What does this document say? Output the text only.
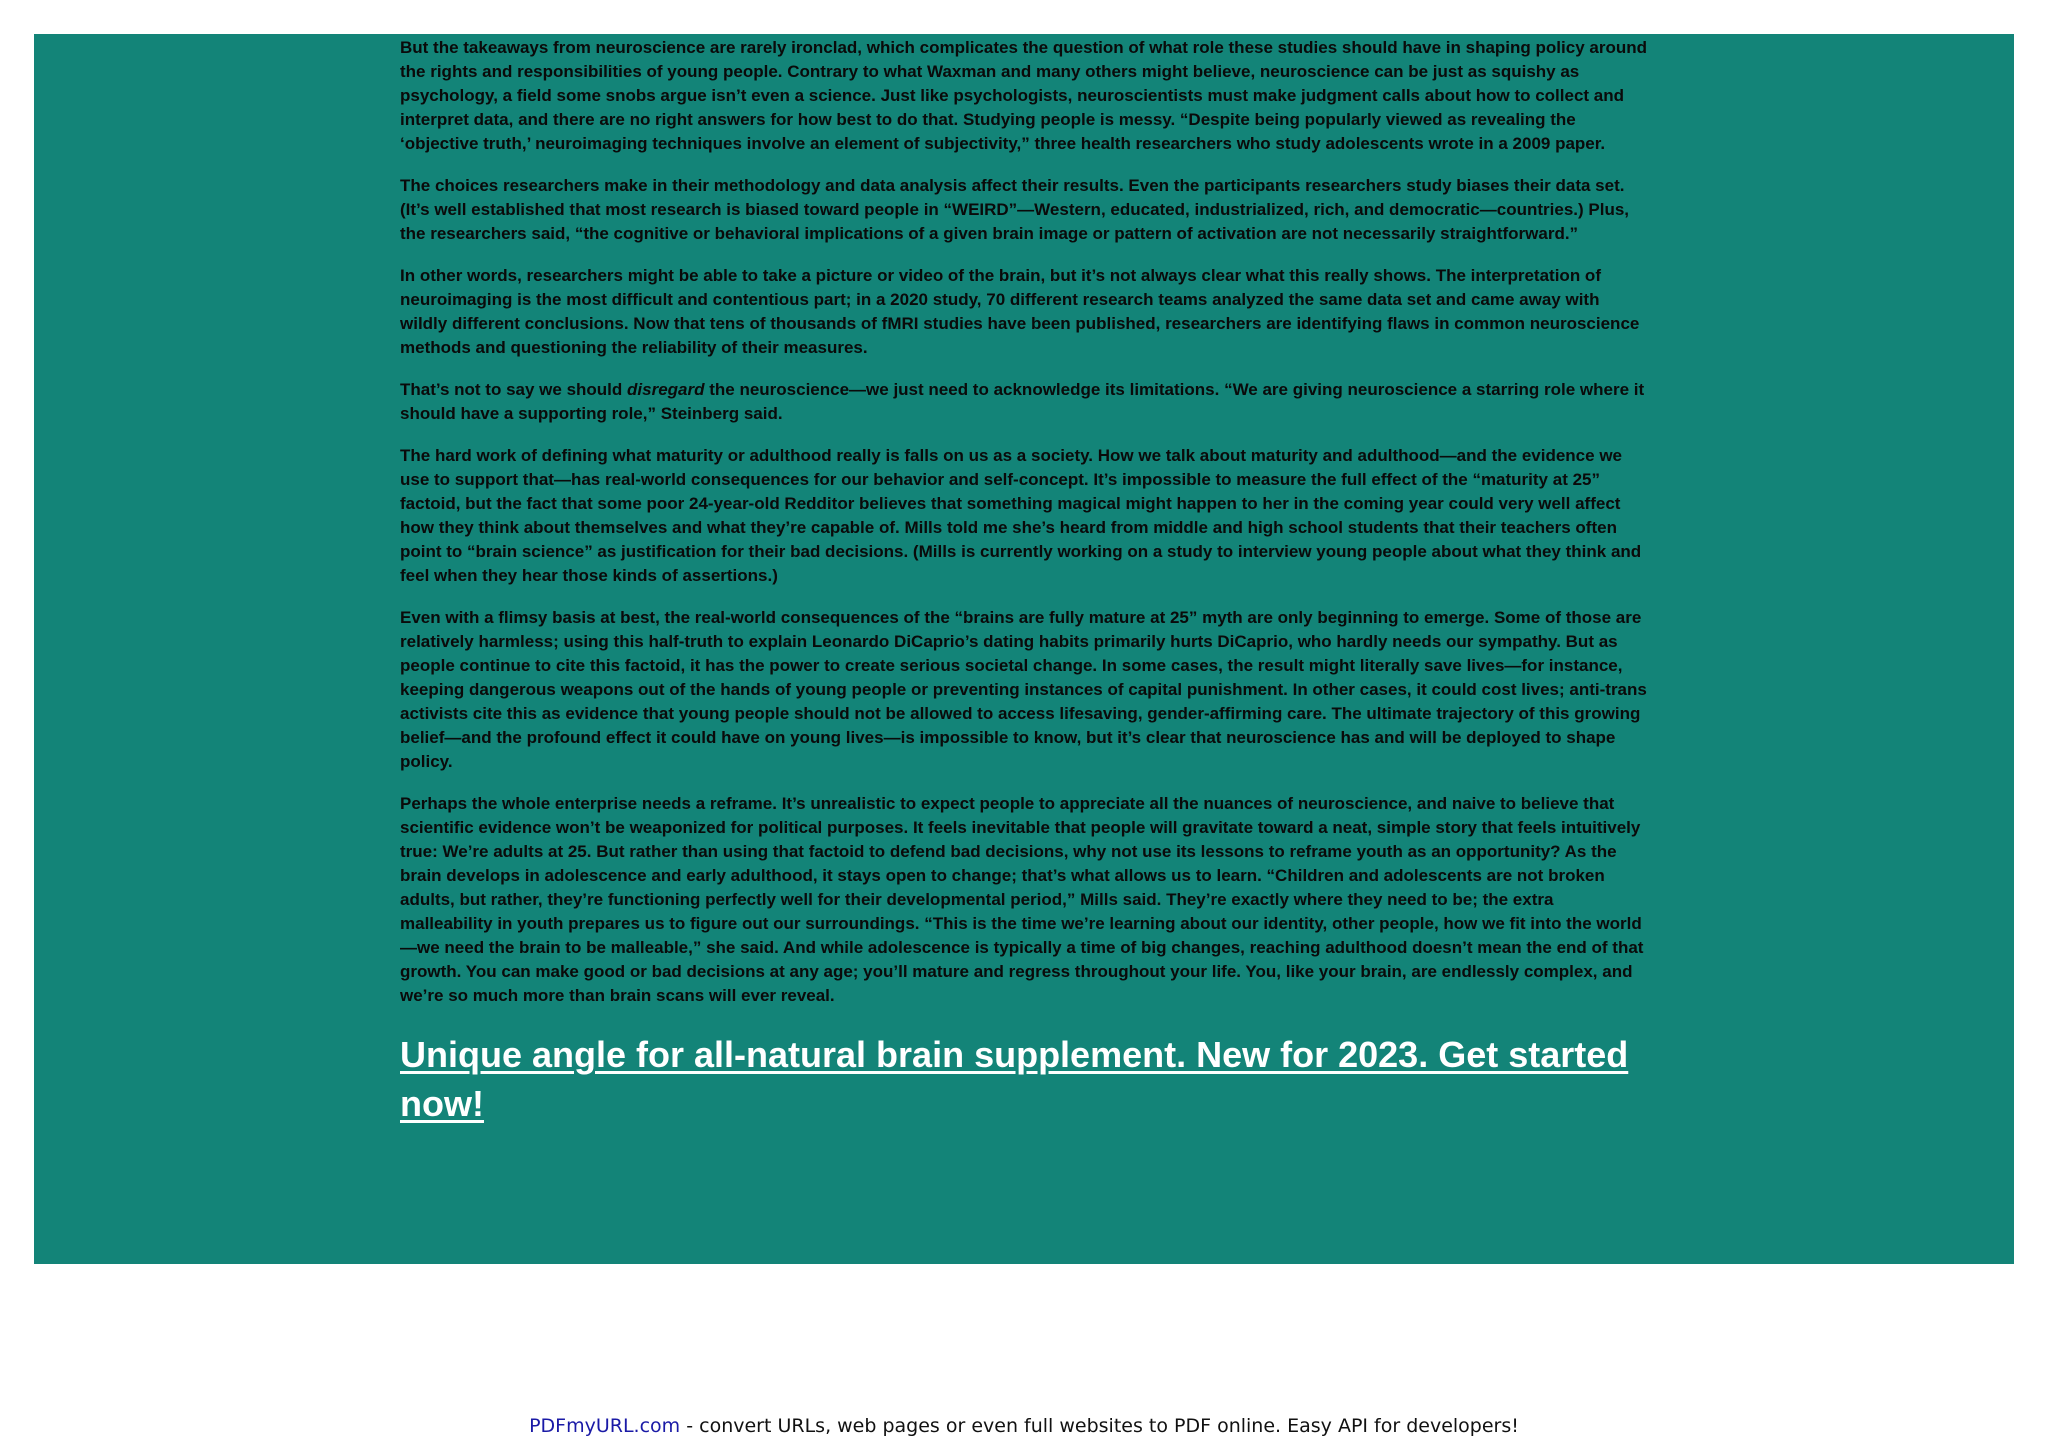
But the takeaways from neuroscience are rarely ironclad, which complicates the question of what role these studies should have in shaping policy around the rights and responsibilities of young people. Contrary to what Waxman and many others might believe, neuroscience can be just as squishy as psychology, a field some snobs argue isn’t even a science. Just like psychologists, neuroscientists must make judgment calls about how to collect and interpret data, and there are no right answers for how best to do that. Studying people is messy. “Despite being popularly viewed as revealing the ‘objective truth,’ neuroimaging techniques involve an element of subjectivity,” three health researchers who study adolescents wrote in a 2009 paper.

The choices researchers make in their methodology and data analysis affect their results. Even the participants researchers study biases their data set. (It’s well established that most research is biased toward people in “WEIRD”—Western, educated, industrialized, rich, and democratic—countries.) Plus, the researchers said, “the cognitive or behavioral implications of a given brain image or pattern of activation are not necessarily straightforward.”

In other words, researchers might be able to take a picture or video of the brain, but it’s not always clear what this really shows. The interpretation of neuroimaging is the most difficult and contentious part; in a 2020 study, 70 different research teams analyzed the same data set and came away with wildly different conclusions. Now that tens of thousands of fMRI studies have been published, researchers are identifying flaws in common neuroscience methods and questioning the reliability of their measures.

That’s not to say we should disregard the neuroscience—we just need to acknowledge its limitations. “We are giving neuroscience a starring role where it should have a supporting role,” Steinberg said.

The hard work of defining what maturity or adulthood really is falls on us as a society. How we talk about maturity and adulthood—and the evidence we use to support that—has real-world consequences for our behavior and self-concept. It’s impossible to measure the full effect of the “maturity at 25” factoid, but the fact that some poor 24-year-old Redditor believes that something magical might happen to her in the coming year could very well affect how they think about themselves and what they’re capable of. Mills told me she’s heard from middle and high school students that their teachers often point to “brain science” as justification for their bad decisions. (Mills is currently working on a study to interview young people about what they think and feel when they hear those kinds of assertions.)

Even with a flimsy basis at best, the real-world consequences of the “brains are fully mature at 25” myth are only beginning to emerge. Some of those are relatively harmless; using this half-truth to explain Leonardo DiCaprio’s dating habits primarily hurts DiCaprio, who hardly needs our sympathy. But as people continue to cite this factoid, it has the power to create serious societal change. In some cases, the result might literally save lives—for instance, keeping dangerous weapons out of the hands of young people or preventing instances of capital punishment. In other cases, it could cost lives; anti-trans activists cite this as evidence that young people should not be allowed to access lifesaving, gender-affirming care. The ultimate trajectory of this growing belief—and the profound effect it could have on young lives—is impossible to know, but it’s clear that neuroscience has and will be deployed to shape policy.

Perhaps the whole enterprise needs a reframe. It’s unrealistic to expect people to appreciate all the nuances of neuroscience, and naive to believe that scientific evidence won’t be weaponized for political purposes. It feels inevitable that people will gravitate toward a neat, simple story that feels intuitively true: We’re adults at 25. But rather than using that factoid to defend bad decisions, why not use its lessons to reframe youth as an opportunity? As the brain develops in adolescence and early adulthood, it stays open to change; that’s what allows us to learn. “Children and adolescents are not broken adults, but rather, they’re functioning perfectly well for their developmental period,” Mills said. They’re exactly where they need to be; the extra malleability in youth prepares us to figure out our surroundings. “This is the time we’re learning about our identity, other people, how we fit into the world—we need the brain to be malleable,” she said. And while adolescence is typically a time of big changes, reaching adulthood doesn’t mean the end of that growth. You can make good or bad decisions at any age; you’ll mature and regress throughout your life. You, like your brain, are endlessly complex, and we’re so much more than brain scans will ever reveal.

Unique angle for all-natural brain supplement. New for 2023. Get started now!
PDFmyURL.com - convert URLs, web pages or even full websites to PDF online. Easy API for developers!
